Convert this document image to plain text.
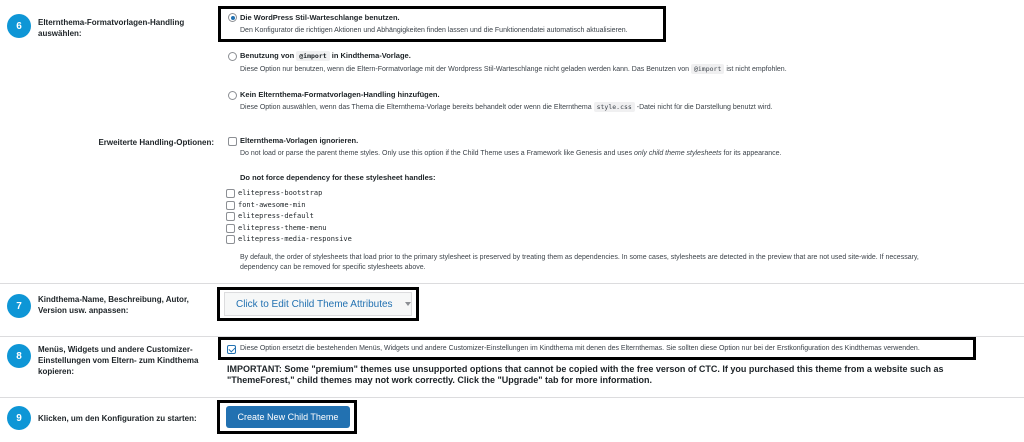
6	Elternthema-Formatvorlagen-Handling auswählen:
Die WordPress Stil-Warteschlange benutzen.
Den Konfigurator die richtigen Aktionen und Abhängigkeiten finden lassen und die Funktionendatei automatisch aktualisieren.
Benutzung von @import in Kindthema-Vorlage.
Diese Option nur benutzen, wenn die Eltern-Formatvorlage mit der Wordpress Stil-Warteschlange nicht geladen werden kann. Das Benutzen von @import ist nicht empfohlen.
Kein Elternthema-Formatvorlagen-Handling hinzufügen.
Diese Option auswählen, wenn das Thema die Elternthema-Vorlage bereits behandelt oder wenn die Elternthema style.css -Datei nicht für die Darstellung benutzt wird.
Erweiterte Handling-Optionen:	Elternthema-Vorlagen ignorieren.
Do not load or parse the parent theme styles. Only use this option if the Child Theme uses a Framework like Genesis and uses only child theme stylesheets for its appearance.
Do not force dependency for these stylesheet handles:
elitepress-bootstrap
font-awesome-min
elitepress-default
elitepress-theme-menu
elitepress-media-responsive
By default, the order of stylesheets that load prior to the primary stylesheet is preserved by treating them as dependencies. In some cases, stylesheets are detected in the preview that are not used site-wide. If necessary,
dependency can be removed for specific stylesheets above.
7
Kindthema-Name, Beschreibung, Autor, Version usw. anpassen:
Click to Edit Child Theme Attributes
8
Menüs, Widgets und andere Customizer-Einstellungen vom Eltern- zum Kindthema kopieren:
Diese Option ersetzt die bestehenden Menüs, Widgets und andere Customizer-Einstellungen im Kindthema mit denen des Elternthemas. Sie sollten diese Option nur bei der Erstkonfiguration des Kindthemas verwenden.
IMPORTANT: Some "premium" themes use unsupported options that cannot be copied with the free verson of CTC. If you purchased this theme from a website such as "ThemeForest," child themes may not work correctly. Click the "Upgrade" tab for more information.
9	Klicken, um den Konfiguration zu starten:	Create New Child Theme
